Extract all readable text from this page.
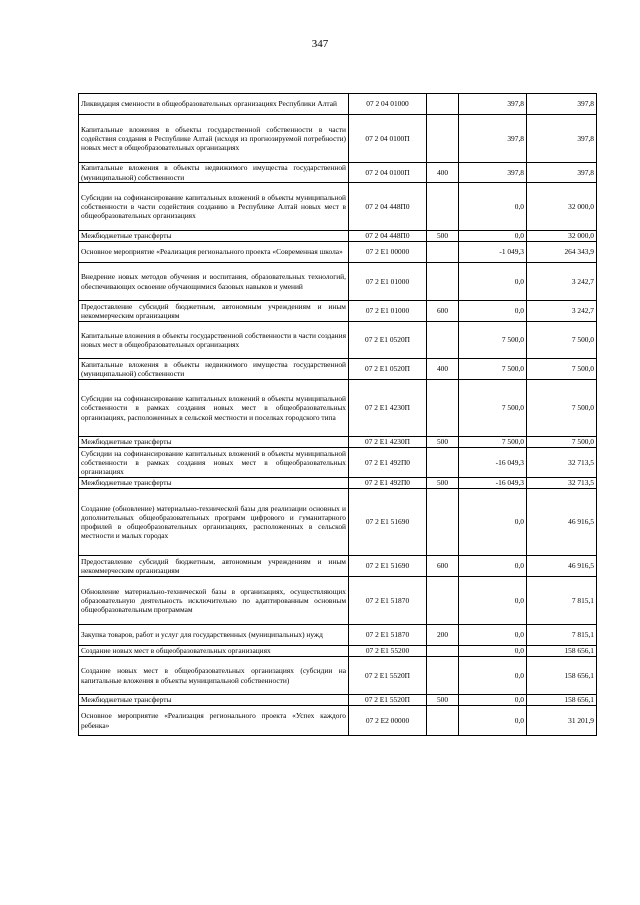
347
Ликвидация сменности в общеобразовательных организациях Республики Алтай	07 2 04 01000		397,8	397,8
Капитальные вложения в объекты государственной собственности в части содействия создания в Республике Алтай (исходя из прогнозируемой потребности) новых мест в общеобразовательных организациях	07 2 04 0100П		397,8	397,8
Капитальные вложения в объекты недвижимого имущества государственной (муниципальной) собственности	07 2 04 0100П	400	397,8	397,8
Субсидии на софинансирование капитальных вложений в объекты муниципальной собственности в части содействия созданию в Республике Алтай новых мест в общеобразовательных организациях	07 2 04 448П0		0,0	32 000,0
Межбюджетные трансферты	07 2 04 448П0	500	0,0	32 000,0
Основное мероприятие «Реализация регионального проекта «Современная школа»	07 2 E1 00000		-1 049,3	264 343,9
Внедрение новых методов обучения и воспитания, образовательных технологий, обеспечивающих освоение обучающимися базовых навыков и умений	07 2 E1 01000		0,0	3 242,7
Предоставление субсидий бюджетным, автономным учреждениям и иным некоммерческим организациям	07 2 E1 01000	600	0,0	3 242,7
Капитальные вложения в объекты государственной собственности в части создания новых мест в общеобразовательных организациях	07 2 E1 0520П		7 500,0	7 500,0
Капитальные вложения в объекты недвижимого имущества государственной (муниципальной) собственности	07 2 E1 0520П	400	7 500,0	7 500,0
Субсидии на софинансирование капитальных вложений в объекты муниципальной собственности в рамках создания новых мест в общеобразовательных организациях, расположенных в сельской местности и поселках городского типа	07 2 E1 4230П		7 500,0	7 500,0
Межбюджетные трансферты	07 2 E1 4230П	500	7 500,0	7 500,0
Субсидии на софинансирование капитальных вложений в объекты муниципальной собственности в рамках создания новых мест в общеобразовательных организациях	07 2 E1 492П0		-16 049,3	32 713,5
Межбюджетные трансферты	07 2 E1 492П0	500	-16 049,3	32 713,5
Создание (обновление) материально-технической базы для реализации основных и дополнительных общеобразовательных программ цифрового и гуманитарного профилей в общеобразовательных организациях, расположенных в сельской местности и малых городах	07 2 E1 51690		0,0	46 916,5
Предоставление субсидий бюджетным, автономным учреждениям и иным некоммерческим организациям	07 2 E1 51690	600	0,0	46 916,5
Обновление материально-технической базы в организациях, осуществляющих образовательную деятельность исключительно по адаптированным основным общеобразовательным программам	07 2 E1 51870		0,0	7 815,1
Закупка товаров, работ и услуг для государственных (муниципальных) нужд	07 2 E1 51870	200	0,0	7 815,1
Создание новых мест в общеобразовательных организациях	07 2 E1 55200		0,0	158 656,1
Создание новых мест в общеобразовательных организациях (субсидии на капитальные вложения в объекты муниципальной собственности)	07 2 E1 5520П		0,0	158 656,1
Межбюджетные трансферты	07 2 E1 5520П	500	0,0	158 656,1
Основное мероприятие «Реализация регионального проекта «Успех каждого ребенка»	07 2 E2 00000		0,0	31 201,9
